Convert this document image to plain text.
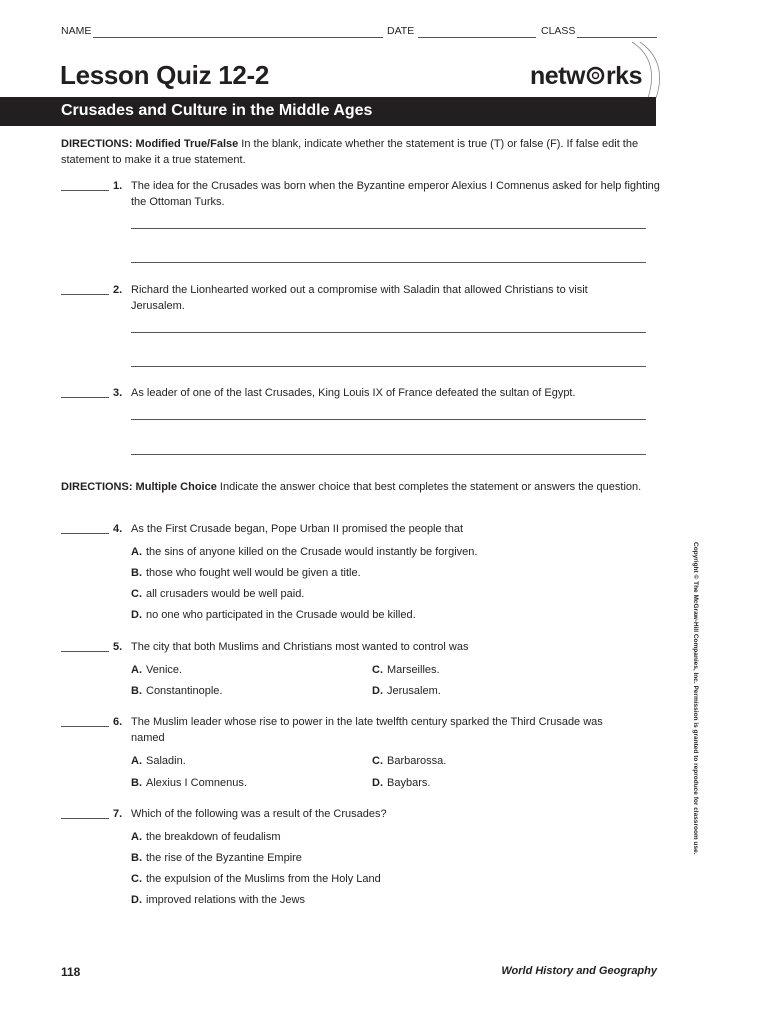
NAME	DATE	CLASS
Lesson Quiz 12-2	netw rks
Crusades and Culture in the Middle Ages
DIRECTIONS: Modified True/False In the blank, indicate whether the statement is true (T) or false (F). If false edit the statement to make it a true statement.
1. The idea for the Crusades was born when the Byzantine emperor Alexius I Comnenus asked for help fighting the Ottoman Turks.
2. Richard the Lionhearted worked out a compromise with Saladin that allowed Christians to visit Jerusalem.
3. As leader of one of the last Crusades, King Louis IX of France defeated the sultan of Egypt.
DIRECTIONS: Multiple Choice Indicate the answer choice that best completes the statement or answers the question.
4. As the First Crusade began, Pope Urban II promised the people that
A. the sins of anyone killed on the Crusade would instantly be forgiven.
B. those who fought well would be given a title.
C. all crusaders would be well paid.
D. no one who participated in the Crusade would be killed.
5. The city that both Muslims and Christians most wanted to control was
A. Venice.
B. Constantinople.
C. Marseilles.
D. Jerusalem.
6. The Muslim leader whose rise to power in the late twelfth century sparked the Third Crusade was named
A. Saladin.
B. Alexius I Comnenus.
C. Barbarossa.
D. Baybars.
7. Which of the following was a result of the Crusades?
A. the breakdown of feudalism
B. the rise of the Byzantine Empire
C. the expulsion of the Muslims from the Holy Land
D. improved relations with the Jews
Copyright © The McGraw-Hill Companies, Inc. Permission is granted to reproduce for classroom use.
118	World History and Geography
